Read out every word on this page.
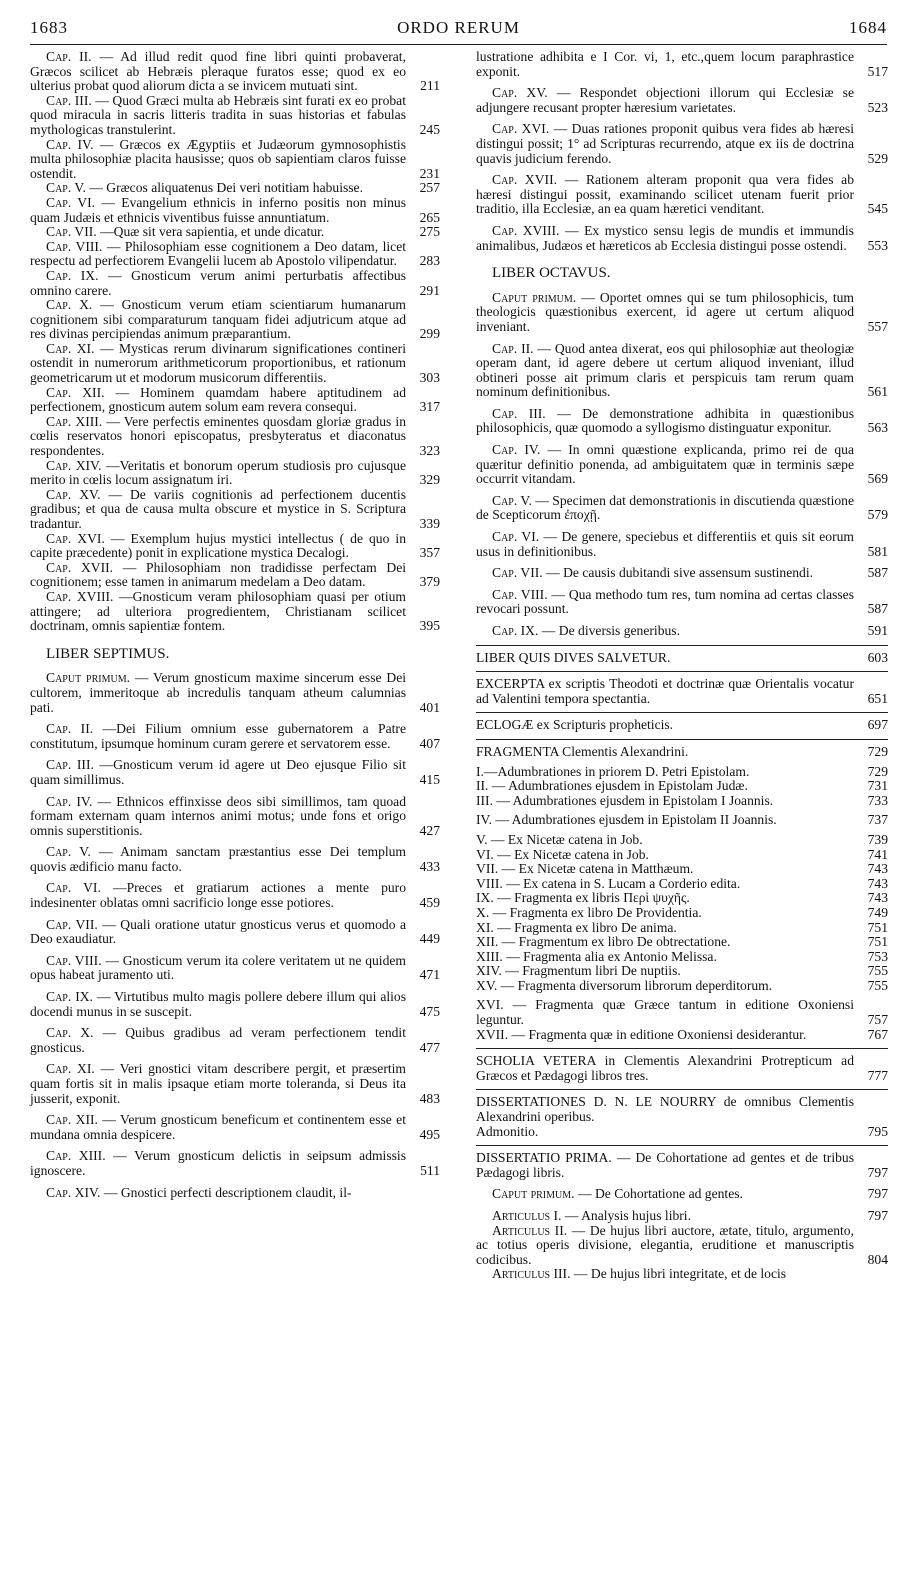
1683	ORDO RERUM	1684

Cap. II. — Ad illud redit quod fine libri quinti probaverat, Græcos scilicet ab Hebræis pleraque furatos esse; quod ex eo ulterius probat quod aliorum dicta a se invicem mutuati sint.	211

Cap. III. — Quod Græci multa ab Hebræis sint furati ex eo probat quod miracula in sacris litteris tradita in suas historias et fabulas mythologicas transtulerint.	245

Cap. IV. — Græcos ex Ægyptiis et Judæorum gymnosophistis multa philosophiæ placita hausisse; quos ob sapientiam claros fuisse ostendit.	231

Cap. V. — Græcos aliquatenus Dei veri notitiam habuisse.	257

Cap. VI. — Evangelium ethnicis in inferno positis non minus quam Judæis et ethnicis viventibus fuisse annuntiatum.	265

Cap. VII. —Quæ sit vera sapientia, et unde dicatur.	275

Cap. VIII. — Philosophiam esse cognitionem a Deo datam, licet respectu ad perfectiorem Evangelii lucem ab Apostolo vilipendatur. 283

Cap. IX. — Gnosticum verum animi perturbatis affectibus omnino carere.	291

Cap. X. — Gnosticum verum etiam scientiarum humanarum cognitionem sibi comparaturum tanquam fidei adjutricum atque ad res divinas percipiendas animum præparantium.	299

Cap. XI. — Mysticas rerum divinarum significationes contineri ostendit in numerorum arithmeticorum proportionibus, et rationum geometricarum ut et modorum musicorum differentiis.	303

Cap. XII. — Hominem quamdam habere aptitudinem ad perfectionem, gnosticum autem solum eam revera consequi.	317

Cap. XIII. — Vere perfectis eminentes quosdam gloriæ gradus in cœlis reservatos honori episcopatus, presbyteratus et diaconatus respondentes.	323

Cap. XIV. —Veritatis et bonorum operum studiosis pro cujusque merito in cœlis locum assignatum iri.	329

Cap. XV. — De variis cognitionis ad perfectionem ducentis gradibus; et qua de causa multa obscure et mystice in S. Scriptura tradantur.	339

Cap. XVI. — Exemplum hujus mystici intellectus ( de quo in capite præcedente) ponit in explicatione mystica Decalogi.	357

Cap. XVII. — Philosophiam non tradidisse perfectam Dei cognitionem; esse tamen in animarum medelam a Deo datam.	379

Cap. XVIII. —Gnosticum veram philosophiam quasi per otium attingere; ad ulteriora progredientem, Christianam scilicet doctrinam, omnis sapientiæ fontem.	395

LIBER SEPTIMUS.

Caput primum. — Verum gnosticum maxime sincerum esse Dei cultorem, immeritoque ab incredulis tanquam atheum calumnias pati.	401

Cap. II. —Dei Filium omnium esse gubernatorem a Patre constitutum, ipsumque hominum curam gerere et servatorem esse. 407

Cap. III. —Gnosticum verum id agere ut Deo ejusque Filio sit quam simillimus.	415

Cap. IV. — Ethnicos effinxisse deos sibi simillimos, tam quoad formam externam quam internos animi motus; unde fons et origo omnis superstitionis.	427

Cap. V. — Animam sanctam præstantius esse Dei templum quovis ædificio manu facto.	433

Cap. VI. —Preces et gratiarum actiones a mente puro indesinenter oblatas omni sacrificio longe esse potiores.	459

Cap. VII. — Quali oratione utatur gnosticus verus et quomodo a Deo exaudiatur.	449

Cap. VIII. — Gnosticum verum ita colere veritatem ut ne quidem opus habeat juramento uti.	471

Cap. IX. — Virtutibus multo magis pollere debere illum qui alios docendi munus in se suscepit.	475

Cap. X. — Quibus gradibus ad veram perfectionem tendit gnosticus.	477

Cap. XI. — Veri gnostici vitam describere pergit, et præsertim quam fortis sit in malis ipsaque etiam morte toleranda, si Deus ita jusserit, exponit.	483

Cap. XII. — Verum gnosticum beneficum et continentem esse et mundana omnia despicere.	495

Cap. XIII. — Verum gnosticum delictis in seipsum admissis ignoscere.	511

Cap. XIV. — Gnostici perfecti descriptionem claudit, il-

lustratione adhibita e I Cor. vi, 1, etc.,quem locum paraphrastice exponit.	517

Cap. XV. — Respondet objectioni illorum qui Ecclesiæ se adjungere recusant propter hæresium varietates.	523

Cap. XVI. — Duas rationes proponit quibus vera fides ab hæresi distingui possit; 1° ad Scripturas recurrendo, atque ex iis de doctrina quavis judicium ferendo.	529

Cap. XVII. — Rationem alteram proponit qua vera fides ab hæresi distingui possit, examinando scilicet utenam fuerit prior traditio, illa Ecclesiæ, an ea quam hæretici venditant.	545

Cap. XVIII. — Ex mystico sensu legis de mundis et immundis animalibus, Judæos et hæreticos ab Ecclesia distingui posse ostendi. 553

LIBER OCTAVUS.

Caput primum. — Oportet omnes qui se tum philosophicis, tum theologicis quæstionibus exercent, id agere ut certum aliquod inveniant.	557

Cap. II. — Quod antea dixerat, eos qui philosophiæ aut theologiæ operam dant, id agere debere ut certum aliquod inveniant, illud obtineri posse ait primum claris et perspicuis tam rerum quam nominum definitionibus.	561

Cap. III. — De demonstratione adhibita in quæstionibus philosophicis, quæ quomodo a syllogismo distinguatur exponitur.	563

Cap. IV. — In omni quæstione explicanda, primo rei de qua quæritur definitio ponenda, ad ambiguitatem quæ in terminis sæpe occurrit vitandam.	569

Cap. V. — Specimen dat demonstrationis in discutienda quæstione de Scepticorum ἐποχῇ.	579

Cap. VI. — De genere, speciebus et differentiis et quis sit eorum usus in definitionibus.	581

Cap. VII. — De causis dubitandi sive assensum sustinendi.	587

Cap. VIII. — Qua methodo tum res, tum nomina ad certas classes revocari possunt.	587

Cap. IX. — De diversis generibus.	591

LIBER QUIS DIVES SALVETUR.	603

EXCERPTA ex scriptis Theodoti et doctrinæ quæ Orientalis vocatur ad Valentini tempora spectantia.	651

ECLOGÆ ex Scripturis propheticis.	697

FRAGMENTA Clementis Alexandrini.	729

I.—Adumbrationes in priorem D. Petri Epistolam.	729

II. — Adumbrationes ejusdem in Epistolam Judæ.	731

III. — Adumbrationes ejusdem in Epistolam I Joannis.	733

IV. — Adumbrationes ejusdem in Epistolam II Joannis.	737

V. — Ex Nicetæ catena in Job.	739

VI. — Ex Nicetæ catena in Job.	741

VII. — Ex Nicetæ catena in Matthæum.	743

VIII. — Ex catena in S. Lucam a Corderio edita.	743

IX. — Fragmenta ex libris Περὶ ψυχῆς.	743

X. — Fragmenta ex libro De Providentia.	749

XI. — Fragmenta ex libro De anima.	751

XII. — Fragmentum ex libro De obtrectatione.	751

XIII. — Fragmenta alia ex Antonio Melissa.	753

XIV. — Fragmentum libri De nuptiis.	755

XV. — Fragmenta diversorum librorum deperditorum.	755

XVI. — Fragmenta quæ Græce tantum in editione Oxoniensi leguntur.	757

XVII. — Fragmenta quæ in editione Oxoniensi desiderantur.	767

SCHOLIA VETERA in Clementis Alexandrini Protrepticum ad Græcos et Pædagogi libros tres.	777

DISSERTATIONES D. N. LE NOURRY de omnibus Clementis Alexandrini operibus.

Admonitio.	795

DISSERTATIO PRIMA. — De Cohortatione ad gentes et de tribus Pædagogi libris.	797

Caput primum. — De Cohortatione ad gentes.	797

Articulus I. — Analysis hujus libri.	797

Articulus II. — De hujus libri auctore, ætate, titulo, argumento, ac totius operis divisione, elegantia, eruditione et manuscriptis codicibus.	804

Articulus III. — De hujus libri integritate, et de locis
